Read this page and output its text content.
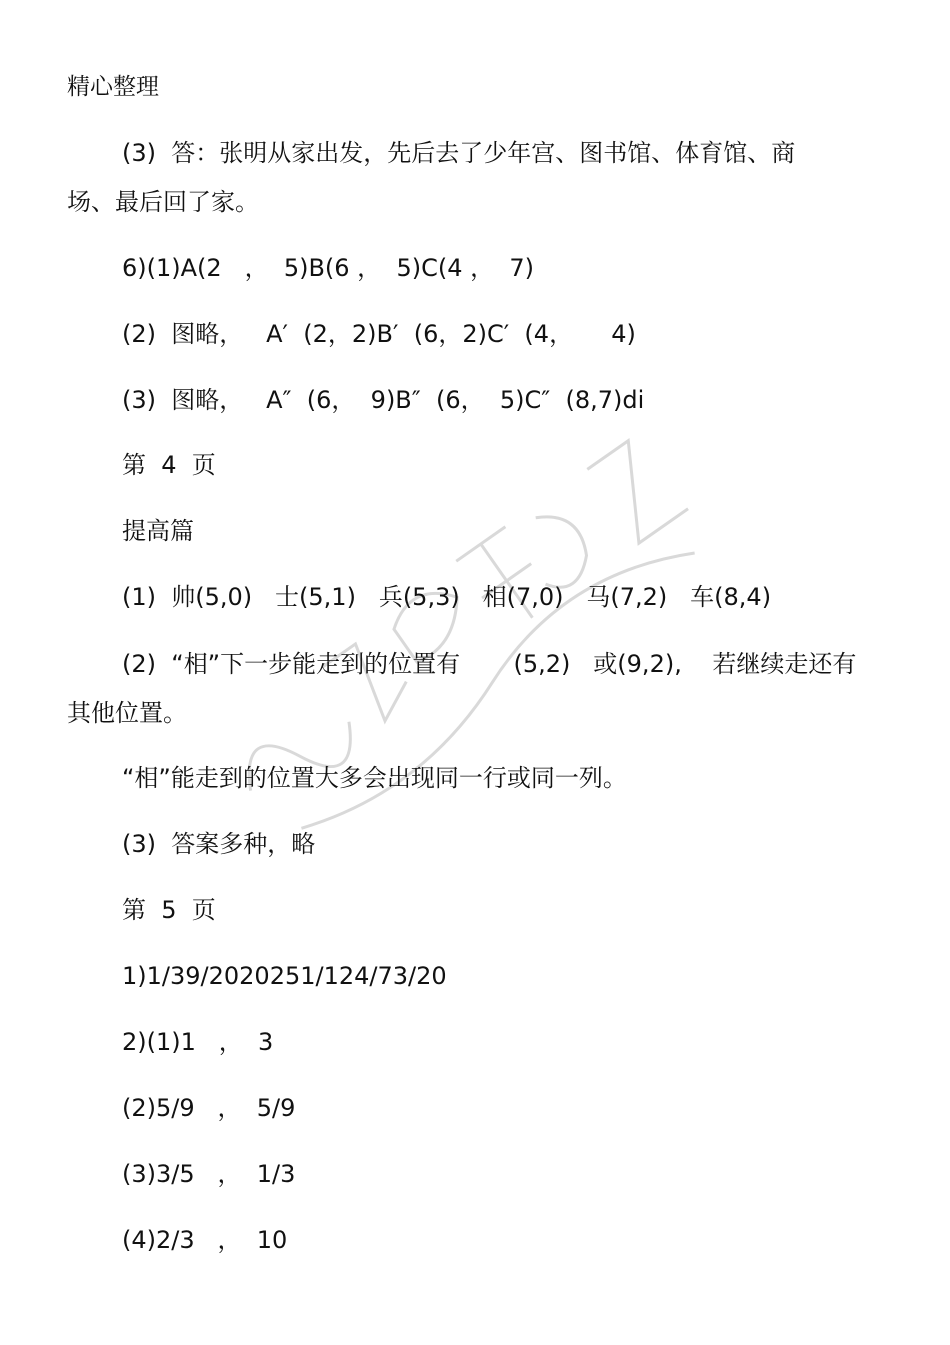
精心整理

(3)  答：张明从家出发，先后去了少年宫、图书馆、体育馆、商

场、最后回了家。

6)(1)A(2   ，  5)B(6 ，  5)C(4 ，  7)

(2)  图略，   A′  (2，2)B′  (6，2)C′  (4，     4)

(3)  图略，   A″  (6，  9)B″  (6，  5)C″  (8,7)di

第  4  页

提高篇

(1)  帅(5,0)   士(5,1)   兵(5,3)   相(7,0)   马(7,2)   车(8,4)

(2)  “相”下一步能走到的位置有       (5,2)   或(9,2),    若继续走还有

其他位置。

“相”能走到的位置大多会出现同一行或同一列。

(3)  答案多种，略

第  5  页

1)1/39/2020251/124/73/20

2)(1)1   ，  3

(2)5/9   ，  5/9

(3)3/5   ，  1/3

(4)2/3   ，  10
